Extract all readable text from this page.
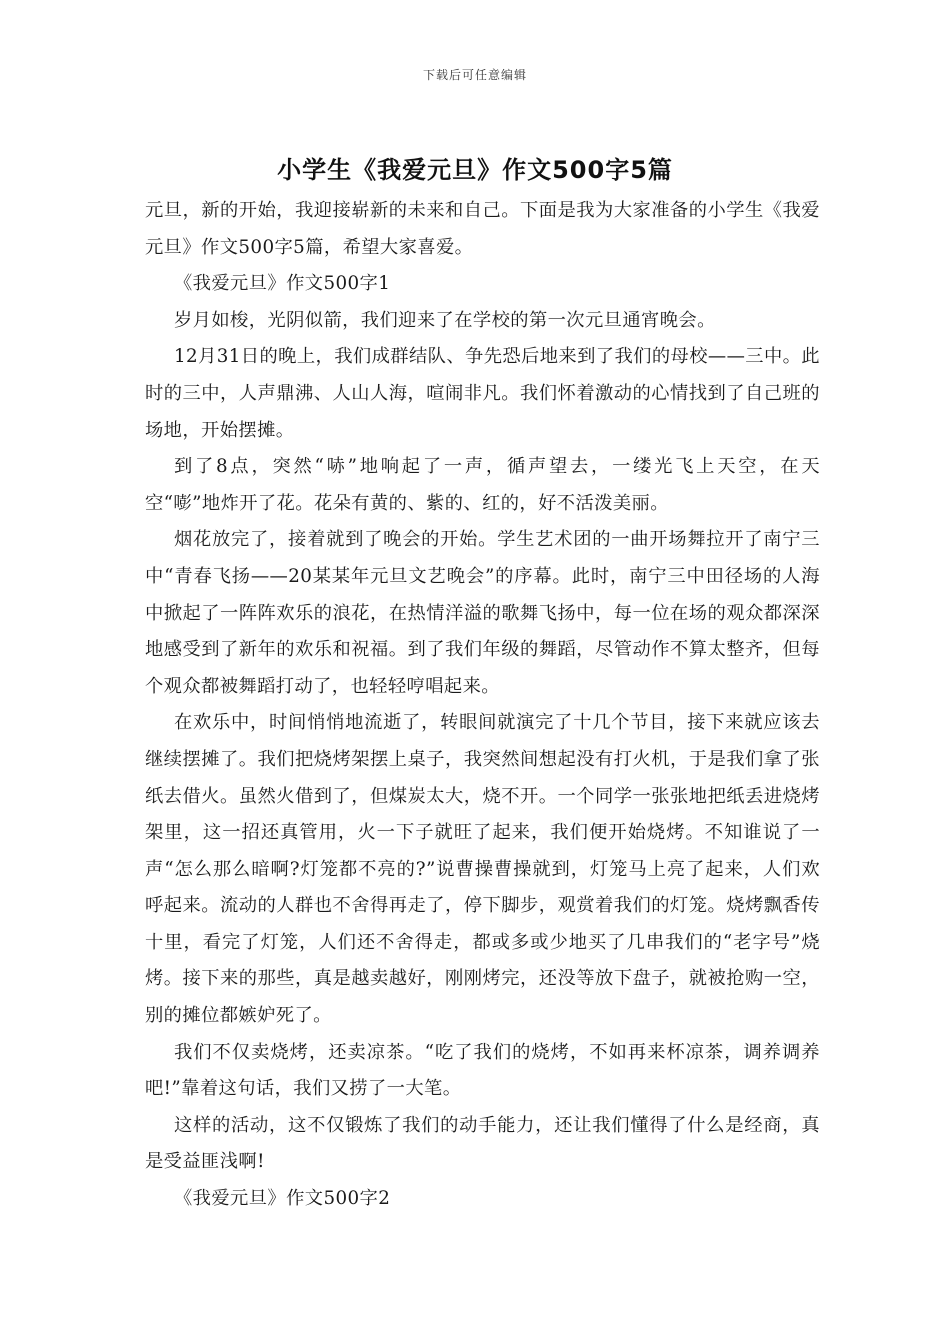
下载后可任意编辑
小学生《我爱元旦》作文500字5篇

元旦，新的开始，我迎接崭新的未来和自己。下面是我为大家准备的小学生《我爱元旦》作文500字5篇，希望大家喜爱。

《我爱元旦》作文500字1

岁月如梭，光阴似箭，我们迎来了在学校的第一次元旦通宵晚会。

12月31日的晚上，我们成群结队、争先恐后地来到了我们的母校——三中。此时的三中，人声鼎沸、人山人海，喧闹非凡。我们怀着激动的心情找到了自己班的场地，开始摆摊。

到了8点，突然“哧”地响起了一声，循声望去，一缕光飞上天空，在天空“嘭”地炸开了花。花朵有黄的、紫的、红的，好不活泼美丽。

烟花放完了，接着就到了晚会的开始。学生艺术团的一曲开场舞拉开了南宁三中“青春飞扬——20某某年元旦文艺晚会”的序幕。此时，南宁三中田径场的人海中掀起了一阵阵欢乐的浪花，在热情洋溢的歌舞飞扬中，每一位在场的观众都深深地感受到了新年的欢乐和祝福。到了我们年级的舞蹈，尽管动作不算太整齐，但每个观众都被舞蹈打动了，也轻轻哼唱起来。

在欢乐中，时间悄悄地流逝了，转眼间就演完了十几个节目，接下来就应该去继续摆摊了。我们把烧烤架摆上桌子，我突然间想起没有打火机，于是我们拿了张纸去借火。虽然火借到了，但煤炭太大，烧不开。一个同学一张张地把纸丢进烧烤架里，这一招还真管用，火一下子就旺了起来，我们便开始烧烤。不知谁说了一声“怎么那么暗啊?灯笼都不亮的?”说曹操曹操就到，灯笼马上亮了起来，人们欢呼起来。流动的人群也不舍得再走了，停下脚步，观赏着我们的灯笼。烧烤飘香传十里，看完了灯笼，人们还不舍得走，都或多或少地买了几串我们的“老字号”烧烤。接下来的那些，真是越卖越好，刚刚烤完，还没等放下盘子，就被抢购一空，别的摊位都嫉妒死了。

我们不仅卖烧烤，还卖凉茶。“吃了我们的烧烤，不如再来杯凉茶，调养调养吧!”靠着这句话，我们又捞了一大笔。

这样的活动，这不仅锻炼了我们的动手能力，还让我们懂得了什么是经商，真是受益匪浅啊!

《我爱元旦》作文500字2
